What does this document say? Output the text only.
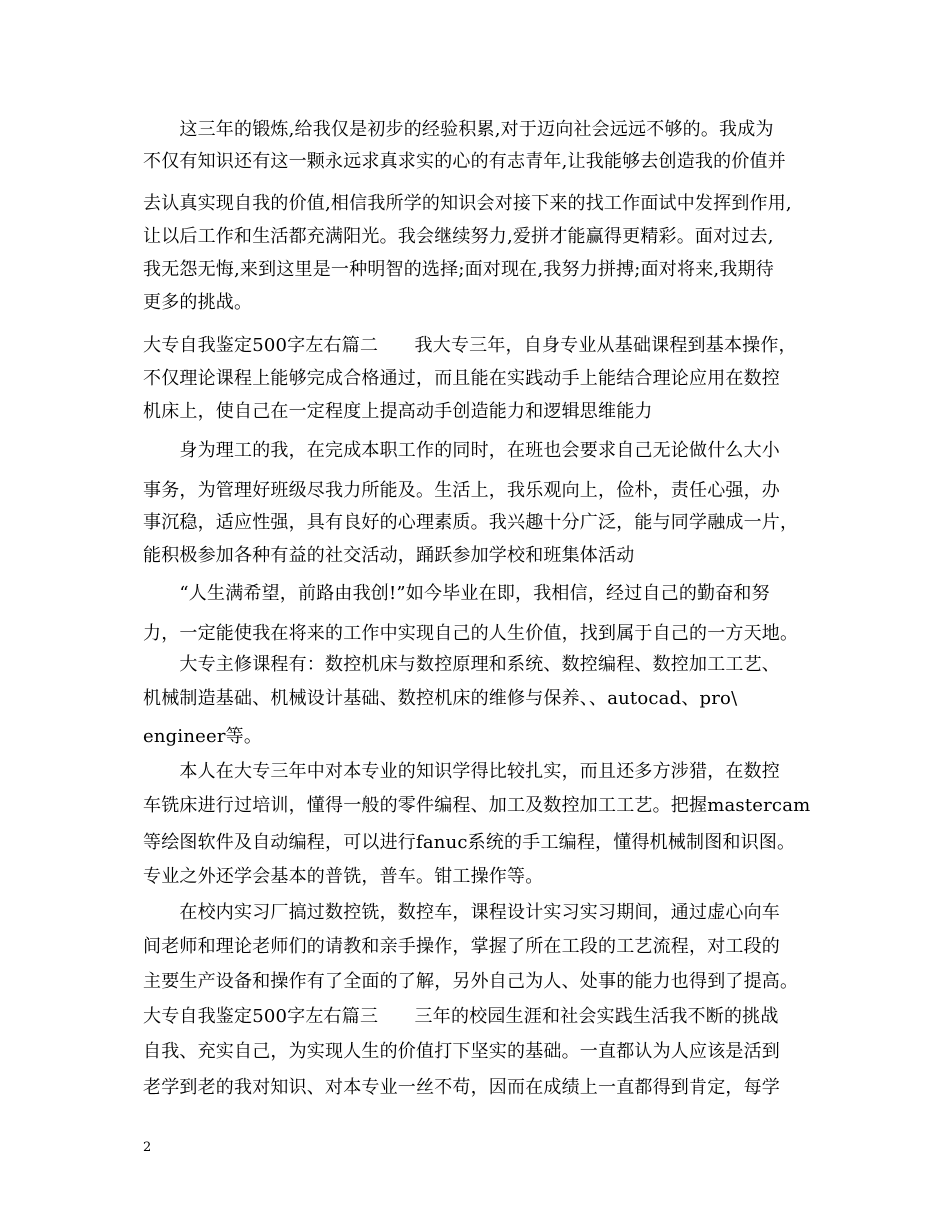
　　这三年的锻炼,给我仅是初步的经验积累,对于迈向社会远远不够的。我成为
不仅有知识还有这一颗永远求真求实的心的有志青年,让我能够去创造我的价值并
去认真实现自我的价值,相信我所学的知识会对接下来的找工作面试中发挥到作用,
让以后工作和生活都充满阳光。我会继续努力,爱拼才能赢得更精彩。面对过去,
我无怨无悔,来到这里是一种明智的选择;面对现在,我努力拼搏;面对将来,我期待
更多的挑战。
大专自我鉴定500字左右篇二　　我大专三年，自身专业从基础课程到基本操作，
不仅理论课程上能够完成合格通过，而且能在实践动手上能结合理论应用在数控
机床上，使自己在一定程度上提高动手创造能力和逻辑思维能力
　　身为理工的我，在完成本职工作的同时，在班也会要求自己无论做什么大小
事务，为管理好班级尽我力所能及。生活上，我乐观向上，俭朴，责任心强，办
事沉稳，适应性强，具有良好的心理素质。我兴趣十分广泛，能与同学融成一片，
能积极参加各种有益的社交活动，踊跃参加学校和班集体活动
　　“人生满希望，前路由我创!”如今毕业在即，我相信，经过自己的勤奋和努
力，一定能使我在将来的工作中实现自己的人生价值，找到属于自己的一方天地。
　　大专主修课程有：数控机床与数控原理和系统、数控编程、数控加工工艺、
机械制造基础、机械设计基础、数控机床的维修与保养、、autocad、pro\
engineer等。
　　本人在大专三年中对本专业的知识学得比较扎实，而且还多方涉猎，在数控
车铣床进行过培训，懂得一般的零件编程、加工及数控加工工艺。把握mastercam
等绘图软件及自动编程，可以进行fanuc系统的手工编程，懂得机械制图和识图。
专业之外还学会基本的普铣，普车。钳工操作等。
　　在校内实习厂搞过数控铣，数控车，课程设计实习实习期间，通过虚心向车
间老师和理论老师们的请教和亲手操作，掌握了所在工段的工艺流程，对工段的
主要生产设备和操作有了全面的了解，另外自己为人、处事的能力也得到了提高。
大专自我鉴定500字左右篇三　　三年的校园生涯和社会实践生活我不断的挑战
自我、充实自己，为实现人生的价值打下坚实的基础。一直都认为人应该是活到
老学到老的我对知识、对本专业一丝不苟，因而在成绩上一直都得到肯定，每学
2
